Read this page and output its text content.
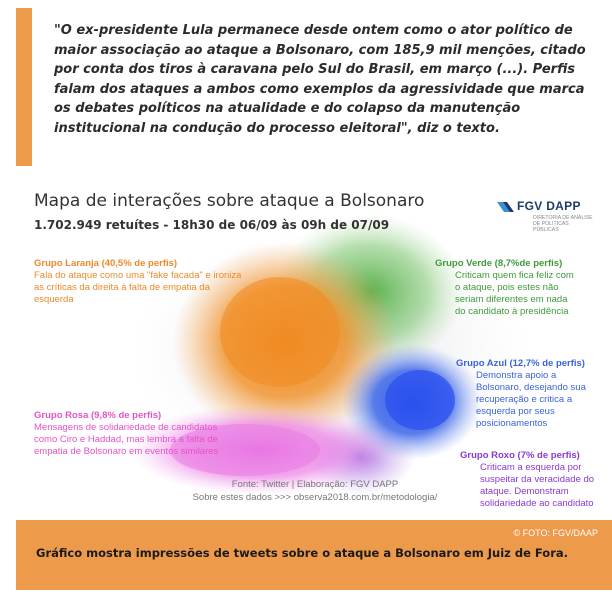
"O ex-presidente Lula permanece desde ontem como o ator político de maior associação ao ataque a Bolsonaro, com 185,9 mil menções, citado por conta dos tiros à caravana pelo Sul do Brasil, em março (...). Perfis falam dos ataques a ambos como exemplos da agressividade que marca os debates políticos na atualidade e do colapso da manutenção institucional na condução do processo eleitoral", diz o texto.

Mapa de interações sobre ataque a Bolsonaro
1.702.949 retuítes - 18h30 de 06/09 às 09h de 07/09
FGV DAPP
DIRETORIA DE ANÁLISE DE POLÍTICAS PÚBLICAS
Grupo Laranja (40,5% de perfis)
Fala do ataque como uma "fake facada" e ironiza as críticas da direita à falta de empatia da esquerda
Grupo Verde (8,7%de perfis)
Criticam quem fica feliz com o ataque, pois estes não seriam diferentes em nada do candidato à presidência
Grupo Azul (12,7% de perfis)
Demonstra apoio a Bolsonaro, desejando sua recuperação e critica a esquerda por seus posicionamentos
Grupo Rosa (9,8% de perfis)
Mensagens de solidariedade de candidatos como Ciro e Haddad, mas lembra a falta de empatia de Bolsonaro em eventos similares	Grupo Roxo (7% de perfis)
Criticam a esquerda por suspeitar da veracidade do ataque. Demonstram solidariedade ao candidato
Fonte: Twitter | Elaboração: FGV DAPP
Sobre estes dados >>> observa2018.com.br/metodologia/
© FOTO: FGV/DAAP

Gráfico mostra impressões de tweets sobre o ataque a Bolsonaro em Juiz de Fora.
